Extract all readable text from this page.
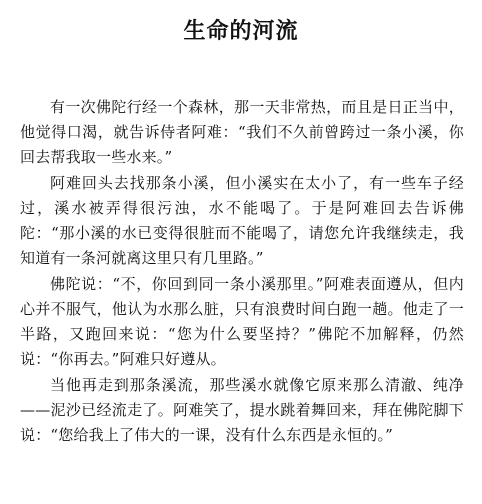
生命的河流

有一次佛陀行经一个森林，那一天非常热，而且是日正当中，他觉得口渴，就告诉侍者阿难：“我们不久前曾跨过一条小溪，你回去帮我取一些水来。”

阿难回头去找那条小溪，但小溪实在太小了，有一些车子经过，溪水被弄得很污浊，水不能喝了。于是阿难回去告诉佛陀：“那小溪的水已变得很脏而不能喝了，请您允许我继续走，我知道有一条河就离这里只有几里路。”

佛陀说：“不，你回到同一条小溪那里。”阿难表面遵从，但内心并不服气，他认为水那么脏，只有浪费时间白跑一趟。他走了一半路，又跑回来说：“您为什么要坚持？”佛陀不加解释，仍然说：“你再去。”阿难只好遵从。

当他再走到那条溪流，那些溪水就像它原来那么清澈、纯净——泥沙已经流走了。阿难笑了，提水跳着舞回来，拜在佛陀脚下说：“您给我上了伟大的一课，没有什么东西是永恒的。”
